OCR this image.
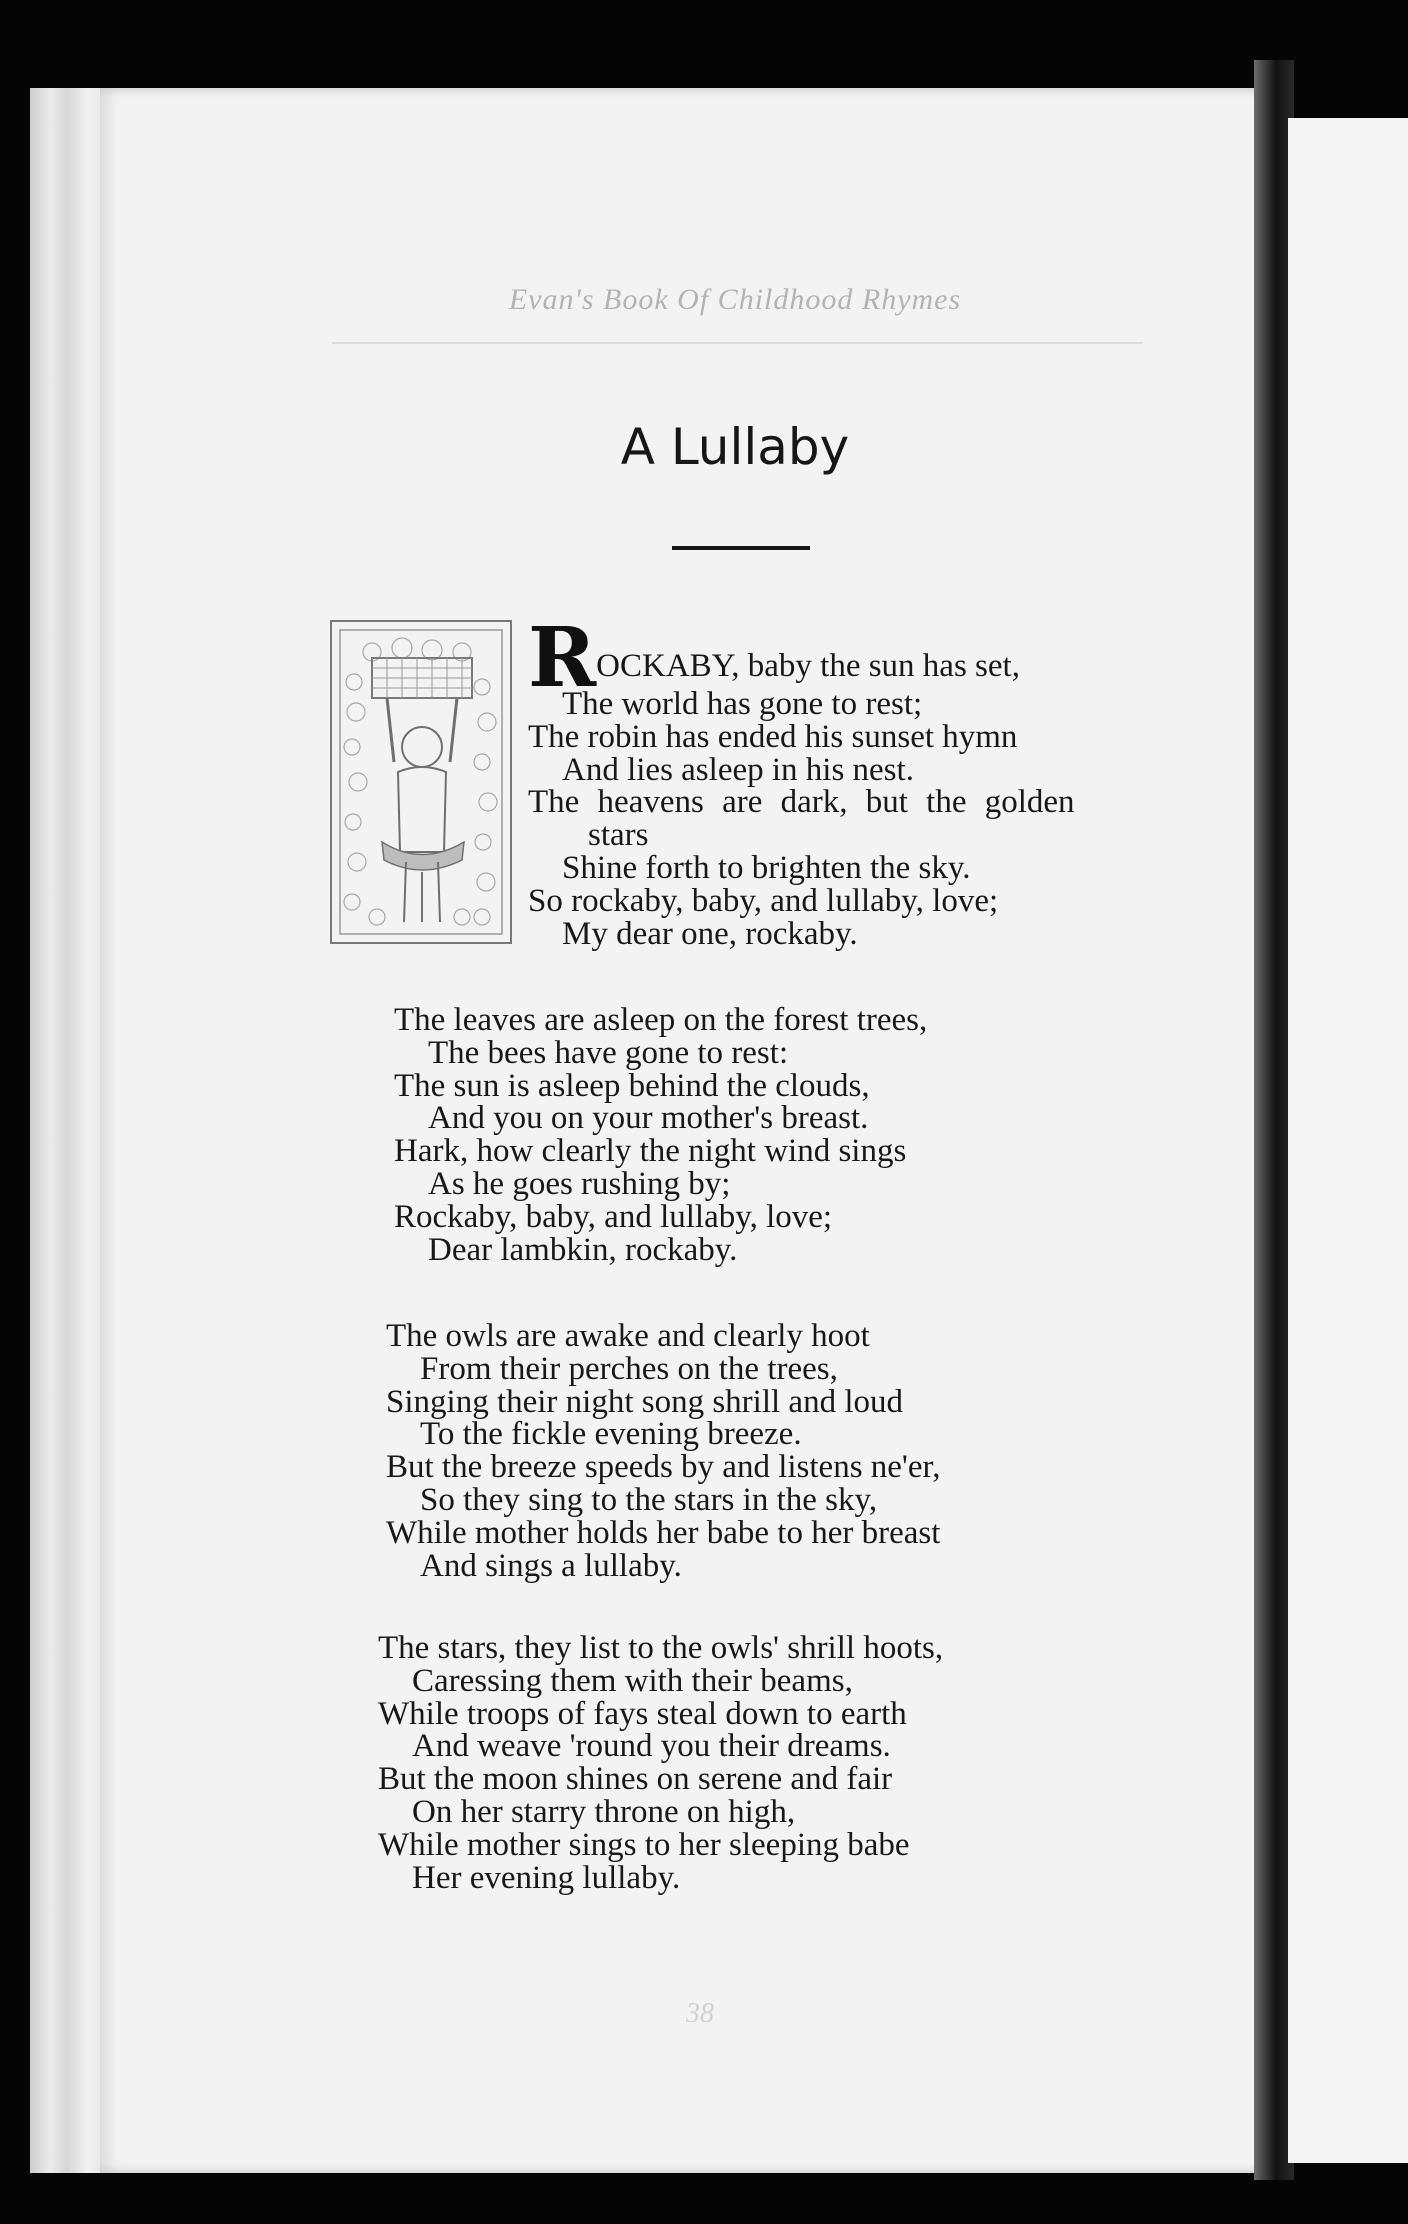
Evan's Book Of Childhood Rhymes
A Lullaby
ROCKABY, baby the sun has set,
The world has gone to rest;
The robin has ended his sunset hymn
And lies asleep in his nest.
The heavens are dark, but the golden
stars
Shine forth to brighten the sky.
So rockaby, baby, and lullaby, love;
My dear one, rockaby.
The leaves are asleep on the forest trees,
The bees have gone to rest:
The sun is asleep behind the clouds,
And you on your mother's breast.
Hark, how clearly the night wind sings
As he goes rushing by;
Rockaby, baby, and lullaby, love;
Dear lambkin, rockaby.
The owls are awake and clearly hoot
From their perches on the trees,
Singing their night song shrill and loud
To the fickle evening breeze.
But the breeze speeds by and listens ne'er,
So they sing to the stars in the sky,
While mother holds her babe to her breast
And sings a lullaby.
The stars, they list to the owls' shrill hoots,
Caressing them with their beams,
While troops of fays steal down to earth
And weave 'round you their dreams.
But the moon shines on serene and fair
On her starry throne on high,
While mother sings to her sleeping babe
Her evening lullaby.
38
